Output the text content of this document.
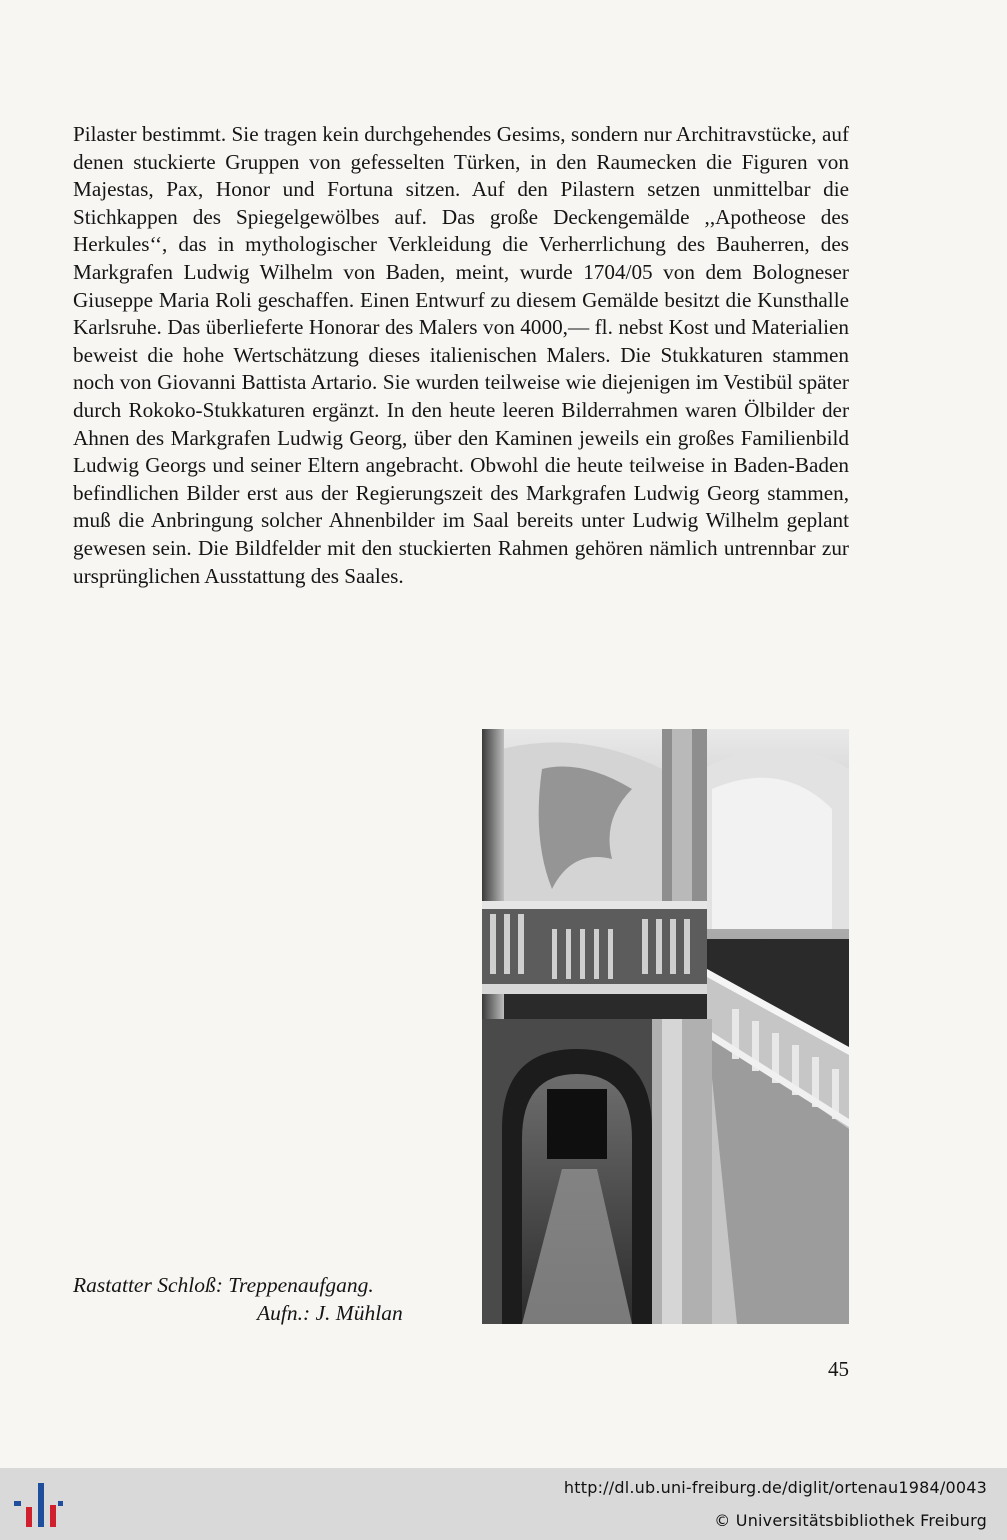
Pilaster bestimmt. Sie tragen kein durchgehendes Gesims, sondern nur Architravstücke, auf denen stuckierte Gruppen von gefesselten Türken, in den Raumecken die Figuren von Majestas, Pax, Honor und Fortuna sitzen. Auf den Pilastern setzen unmittelbar die Stichkappen des Spiegelgewölbes auf. Das große Deckengemälde ,,Apotheose des Herkules‘‘, das in mythologischer Verkleidung die Verherrlichung des Bauherren, des Markgrafen Ludwig Wilhelm von Baden, meint, wurde 1704/05 von dem Bologneser Giuseppe Maria Roli geschaffen. Einen Entwurf zu diesem Gemälde besitzt die Kunsthalle Karlsruhe. Das überlieferte Honorar des Malers von 4000,— fl. nebst Kost und Materialien beweist die hohe Wertschätzung dieses italienischen Malers. Die Stukkaturen stammen noch von Giovanni Battista Artario. Sie wurden teilweise wie diejenigen im Vestibül später durch Rokoko-Stukkaturen ergänzt. In den heute leeren Bilderrahmen waren Ölbilder der Ahnen des Markgrafen Ludwig Georg, über den Kaminen jeweils ein großes Familienbild Ludwig Georgs und seiner Eltern angebracht. Obwohl die heute teilweise in Baden-Baden befindlichen Bilder erst aus der Regierungszeit des Markgrafen Ludwig Georg stammen, muß die Anbringung solcher Ahnenbilder im Saal bereits unter Ludwig Wilhelm geplant gewesen sein. Die Bildfelder mit den stuckierten Rahmen gehören nämlich untrennbar zur ursprünglichen Ausstattung des Saales.

Rastatter Schloß: Treppenaufgang.
Aufn.: J. Mühlan
45
http://dl.ub.uni-freiburg.de/diglit/ortenau1984/0043
© Universitätsbibliothek Freiburg
